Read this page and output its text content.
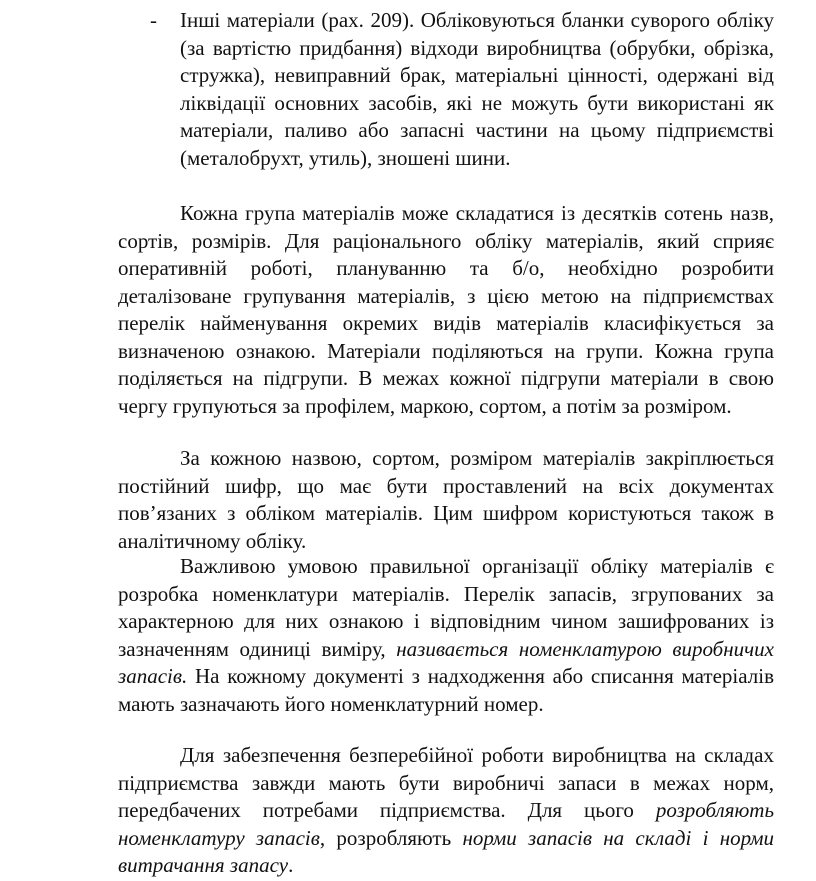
-	Інші матеріали (рах. 209). Обліковуються бланки суворого обліку (за вартістю придбання) відходи виробництва (обрубки, обрізка, стружка), невиправний брак, матеріальні цінності, одержані від ліквідації основних засобів, які не можуть бути використані як матеріали, паливо або запасні частини на цьому підприємстві (металобрухт, утиль), зношені шини.

Кожна група матеріалів може складатися із десятків сотень назв, сортів, розмірів. Для раціонального обліку матеріалів, який сприяє оперативній роботі, плануванню та б/о, необхідно розробити деталізоване групування матеріалів, з цією метою на підприємствах перелік найменування окремих видів матеріалів класифікується за визначеною ознакою. Матеріали поділяються на групи. Кожна група поділяється на підгрупи. В межах кожної підгрупи матеріали в свою чергу групуються за профілем, маркою, сортом, а потім за розміром.

За кожною назвою, сортом, розміром матеріалів закріплюється постійний шифр, що має бути проставлений на всіх документах пов’язаних з обліком матеріалів. Цим шифром користуються також в аналітичному обліку.

Важливою умовою правильної організації обліку матеріалів є розробка номенклатури матеріалів. Перелік запасів, згрупованих за характерною для них ознакою і відповідним чином зашифрованих із зазначенням одиниці виміру, називається номенклатурою виробничих запасів. На кожному документі з надходження або списання матеріалів мають зазначають його номенклатурний номер.

Для забезпечення безперебійної роботи виробництва на складах підприємства завжди мають бути виробничі запаси в межах норм, передбачених потребами підприємства. Для цього розробляють номенклатуру запасів, розробляють норми запасів на складі і норми витрачання запасу.
